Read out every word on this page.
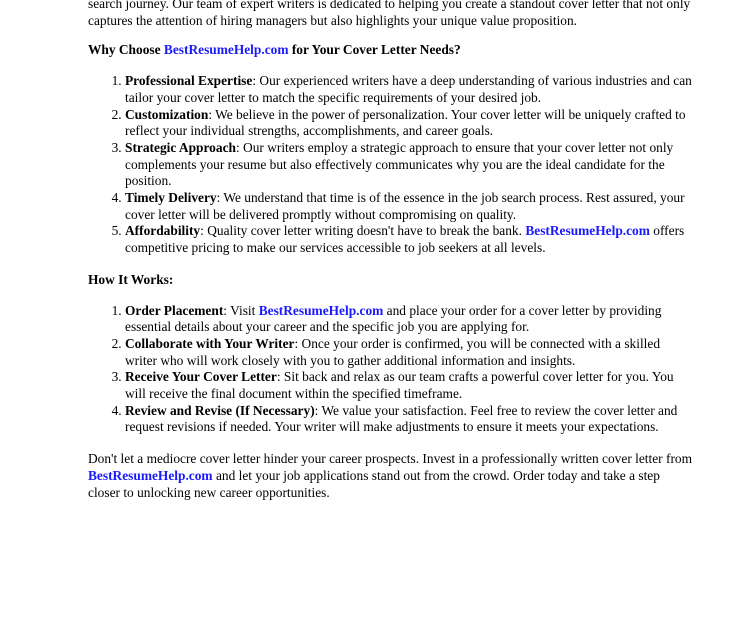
search journey. Our team of expert writers is dedicated to helping you create a standout cover letter that not only captures the attention of hiring managers but also highlights your unique value proposition.

Why Choose BestResumeHelp.com for Your Cover Letter Needs?
1. Professional Expertise: Our experienced writers have a deep understanding of various industries and can tailor your cover letter to match the specific requirements of your desired job.
2. Customization: We believe in the power of personalization. Your cover letter will be uniquely crafted to reflect your individual strengths, accomplishments, and career goals.
3. Strategic Approach: Our writers employ a strategic approach to ensure that your cover letter not only complements your resume but also effectively communicates why you are the ideal candidate for the position.
4. Timely Delivery: We understand that time is of the essence in the job search process. Rest assured, your cover letter will be delivered promptly without compromising on quality.
5. Affordability: Quality cover letter writing doesn't have to break the bank. BestResumeHelp.com offers competitive pricing to make our services accessible to job seekers at all levels.
How It Works:
1. Order Placement: Visit BestResumeHelp.com and place your order for a cover letter by providing essential details about your career and the specific job you are applying for.
2. Collaborate with Your Writer: Once your order is confirmed, you will be connected with a skilled writer who will work closely with you to gather additional information and insights.
3. Receive Your Cover Letter: Sit back and relax as our team crafts a powerful cover letter for you. You will receive the final document within the specified timeframe.
4. Review and Revise (If Necessary): We value your satisfaction. Feel free to review the cover letter and request revisions if needed. Your writer will make adjustments to ensure it meets your expectations.

Don't let a mediocre cover letter hinder your career prospects. Invest in a professionally written cover letter from BestResumeHelp.com and let your job applications stand out from the crowd. Order today and take a step closer to unlocking new career opportunities.
